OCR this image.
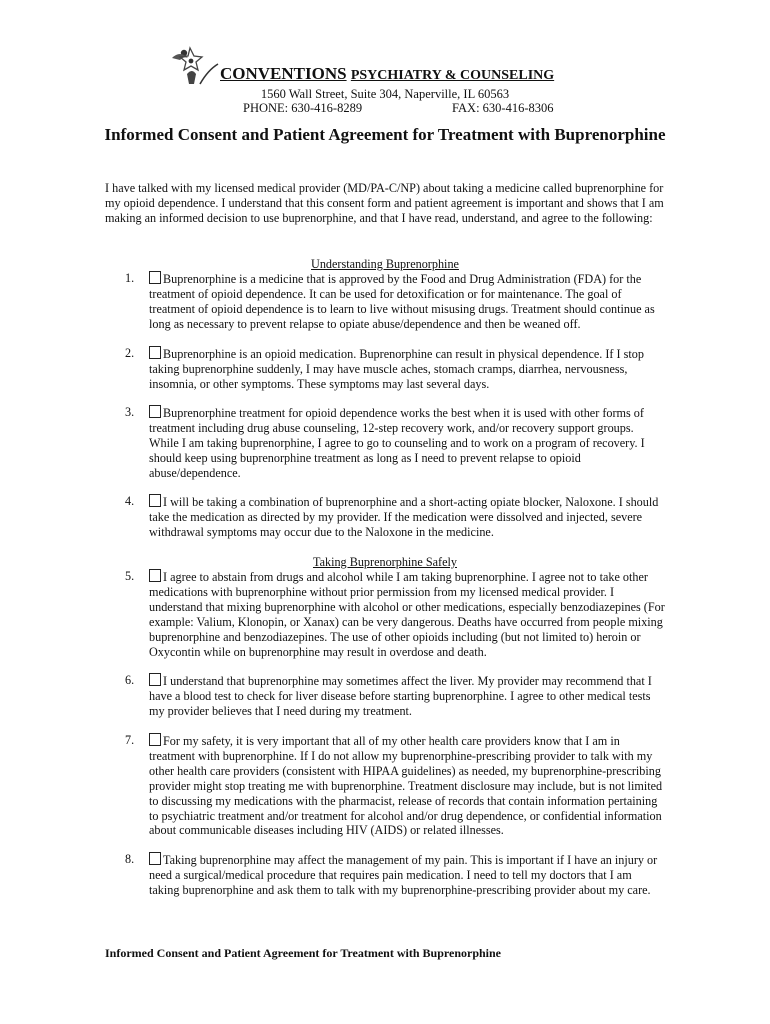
CONVENTIONS PSYCHIATRY & COUNSELING
1560 Wall Street, Suite 304, Naperville, IL 60563
PHONE: 630-416-8289	FAX: 630-416-8306
Informed Consent and Patient Agreement for Treatment with Buprenorphine
I have talked with my licensed medical provider (MD/PA-C/NP) about taking a medicine called buprenorphine for my opioid dependence. I understand that this consent form and patient agreement is important and shows that I am making an informed decision to use buprenorphine, and that I have read, understand, and agree to the following:
Understanding Buprenorphine
1.	Buprenorphine is a medicine that is approved by the Food and Drug Administration (FDA) for the treatment of opioid dependence. It can be used for detoxification or for maintenance. The goal of treatment of opioid dependence is to learn to live without misusing drugs. Treatment should continue as long as necessary to prevent relapse to opiate abuse/dependence and then be weaned off.
2.	Buprenorphine is an opioid medication. Buprenorphine can result in physical dependence. If I stop taking buprenorphine suddenly, I may have muscle aches, stomach cramps, diarrhea, nervousness, insomnia, or other symptoms. These symptoms may last several days.
3.	Buprenorphine treatment for opioid dependence works the best when it is used with other forms of treatment including drug abuse counseling, 12-step recovery work, and/or recovery support groups. While I am taking buprenorphine, I agree to go to counseling and to work on a program of recovery. I should keep using buprenorphine treatment as long as I need to prevent relapse to opioid abuse/dependence.
4.	I will be taking a combination of buprenorphine and a short-acting opiate blocker, Naloxone. I should take the medication as directed by my provider. If the medication were dissolved and injected, severe withdrawal symptoms may occur due to the Naloxone in the medicine.
Taking Buprenorphine Safely
5.	I agree to abstain from drugs and alcohol while I am taking buprenorphine. I agree not to take other medications with buprenorphine without prior permission from my licensed medical provider. I understand that mixing buprenorphine with alcohol or other medications, especially benzodiazepines (For example: Valium, Klonopin, or Xanax) can be very dangerous. Deaths have occurred from people mixing buprenorphine and benzodiazepines. The use of other opioids including (but not limited to) heroin or Oxycontin while on buprenorphine may result in overdose and death.
6.	I understand that buprenorphine may sometimes affect the liver. My provider may recommend that I have a blood test to check for liver disease before starting buprenorphine. I agree to other medical tests my provider believes that I need during my treatment.
7.	For my safety, it is very important that all of my other health care providers know that I am in treatment with buprenorphine. If I do not allow my buprenorphine-prescribing provider to talk with my other health care providers (consistent with HIPAA guidelines) as needed, my buprenorphine-prescribing provider might stop treating me with buprenorphine. Treatment disclosure may include, but is not limited to discussing my medications with the pharmacist, release of records that contain information pertaining to psychiatric treatment and/or treatment for alcohol and/or drug dependence, or confidential information about communicable diseases including HIV (AIDS) or related illnesses.
8.	Taking buprenorphine may affect the management of my pain. This is important if I have an injury or need a surgical/medical procedure that requires pain medication. I need to tell my doctors that I am taking buprenorphine and ask them to talk with my buprenorphine-prescribing provider about my care.
Informed Consent and Patient Agreement for Treatment with Buprenorphine
